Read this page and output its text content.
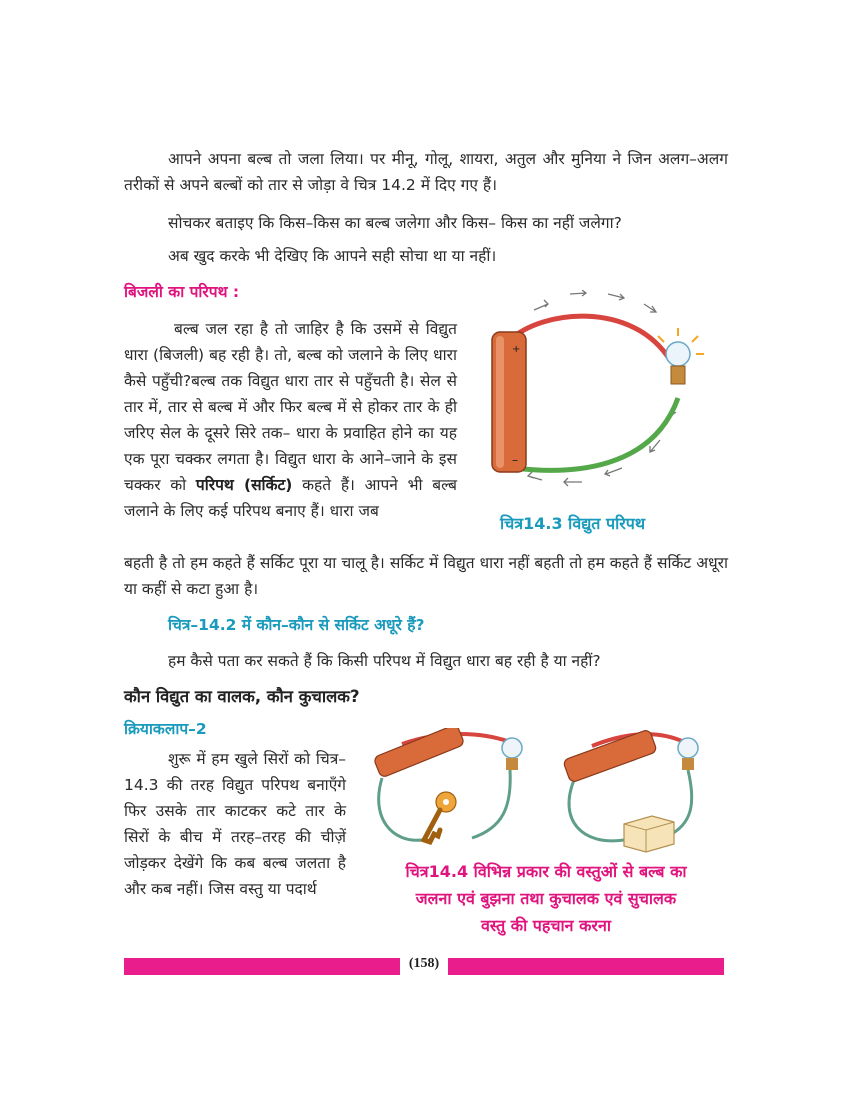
आपने अपना बल्ब तो जला लिया। पर मीनू, गोलू, शायरा, अतुल और मुनिया ने जिन अलग–अलग तरीकों से अपने बल्बों को तार से जोड़ा वे चित्र 14.2 में दिए गए हैं।

सोचकर बताइए कि किस–किस का बल्ब जलेगा और किस– किस का नहीं जलेगा?

अब खुद करके भी देखिए कि आपने सही सोचा था या नहीं।

बिजली का परिपथ :

बल्ब जल रहा है तो जाहिर है कि उसमें से विद्युत धारा (बिजली) बह रही है। तो, बल्ब को जलाने के लिए धारा कैसे पहुँची?बल्ब तक विद्युत धारा तार से पहुँचती है। सेल से तार में, तार से बल्ब में और फिर बल्ब में से होकर तार के ही जरिए सेल के दूसरे सिरे तक– धारा के प्रवाहित होने का यह एक पूरा चक्कर लगता है। विद्युत धारा के आने–जाने के इस चक्कर को परिपथ (सर्किट) कहते हैं। आपने भी बल्ब जलाने के लिए कई परिपथ बनाए हैं। धारा जब

+
–
चित्र14.3 विद्युत परिपथ

बहती है तो हम कहते हैं सर्किट पूरा या चालू है। सर्किट में विद्युत धारा नहीं बहती तो हम कहते हैं सर्किट अधूरा या कहीं से कटा हुआ है।

चित्र–14.2 में कौन–कौन से सर्किट अधूरे हैं?

हम कैसे पता कर सकते हैं कि किसी परिपथ में विद्युत धारा बह रही है या नहीं?

कौन विद्युत का वालक, कौन कुचालक?
क्रियाकलाप–2

शुरू में हम खुले सिरों को चित्र– 14.3 की तरह विद्युत परिपथ बनाएँगे फिर उसके तार काटकर कटे तार के सिरों के बीच में तरह–तरह की चीज़ें जोड़कर देखेंगे कि कब बल्ब जलता है और कब नहीं। जिस वस्तु या पदार्थ

चित्र14.4 विभिन्न प्रकार की वस्तुओं से बल्ब का
जलना एवं बुझना तथा कुचालक एवं सुचालक
वस्तु की पहचान करना
(158)
